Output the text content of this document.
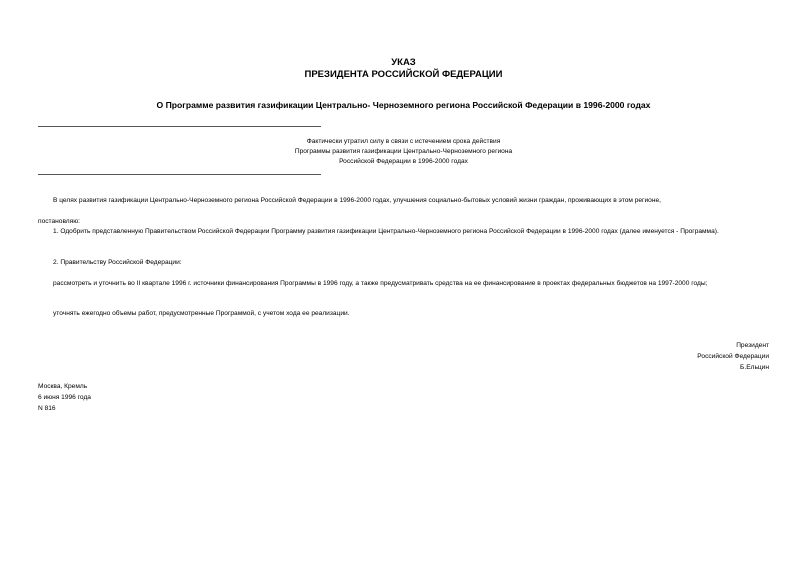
УКАЗ
ПРЕЗИДЕНТА РОССИЙСКОЙ ФЕДЕРАЦИИ
О Программе развития газификации Центрально- Черноземного региона Российской Федерации в 1996-2000 годах
Фактически утратил силу в связи с истечением срока действия
Программы развития газификации Центрально-Черноземного региона
Российской Федерации в 1996-2000 годах
В целях развития газификации Центрально-Черноземного региона Российской Федерации в 1996-2000 годах, улучшения социально-бытовых условий жизни граждан, проживающих в этом регионе,
постановляю:
1. Одобрить представленную Правительством Российской Федерации Программу развития газификации Центрально-Черноземного региона Российской Федерации в 1996-2000 годах (далее именуется - Программа).
2. Правительству Российской Федерации:
рассмотреть и уточнить во II квартале 1996 г. источники финансирования Программы в 1996 году, а также предусматривать средства на ее финансирование в проектах федеральных бюджетов на 1997-2000 годы;
уточнять ежегодно объемы работ, предусмотренные Программой, с учетом хода ее реализации.
Президент
Российской Федерации
Б.Ельцин
Москва, Кремль
6 июня 1996 года
N 816
